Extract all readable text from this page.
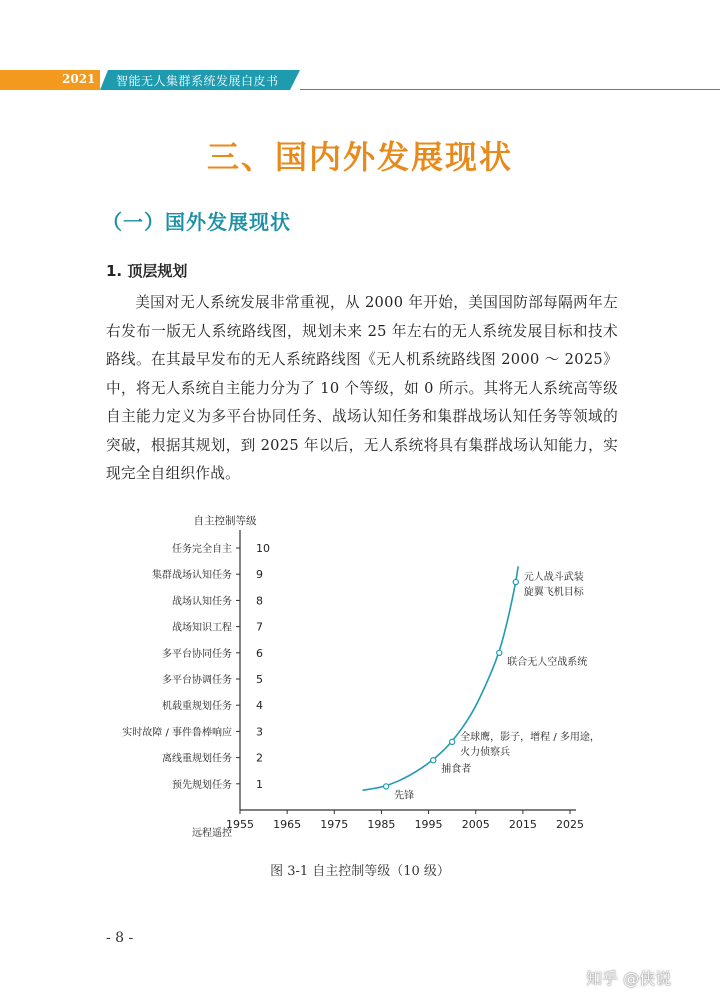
2021 智能无人集群系统发展白皮书
三、国内外发展现状
（一）国外发展现状
1. 顶层规划
美国对无人系统发展非常重视，从 2000 年开始，美国国防部每隔两年左右发布一版无人系统路线图，规划未来 25 年左右的无人系统发展目标和技术路线。在其最早发布的无人系统路线图《无人机系统路线图 2000 ～ 2025》中，将无人系统自主能力分为了 10 个等级，如 0 所示。其将无人系统高等级自主能力定义为多平台协同任务、战场认知任务和集群战场认知任务等领域的突破，根据其规划，到 2025 年以后，无人系统将具有集群战场认知能力，实现完全自组织作战。
自主控制等级
10
任务完全自主
9
集群战场认知任务
8
战场认知任务
7
战场知识工程
6
多平台协同任务
5
多平台协调任务
4
机载重规划任务
3
实时故障 / 事件鲁棒响应
2
离线重规划任务
1
预先规划任务
远程遥控
1955 1965 1975 1985 1995 2005 2015 2025
先锋
捕食者
全球鹰，影子，增程 / 多用途，
火力侦察兵
联合无人空战系统
元人战斗武装
旋翼飞机目标
图 3-1 自主控制等级（10 级）
- 8 -
知乎 @侠说
